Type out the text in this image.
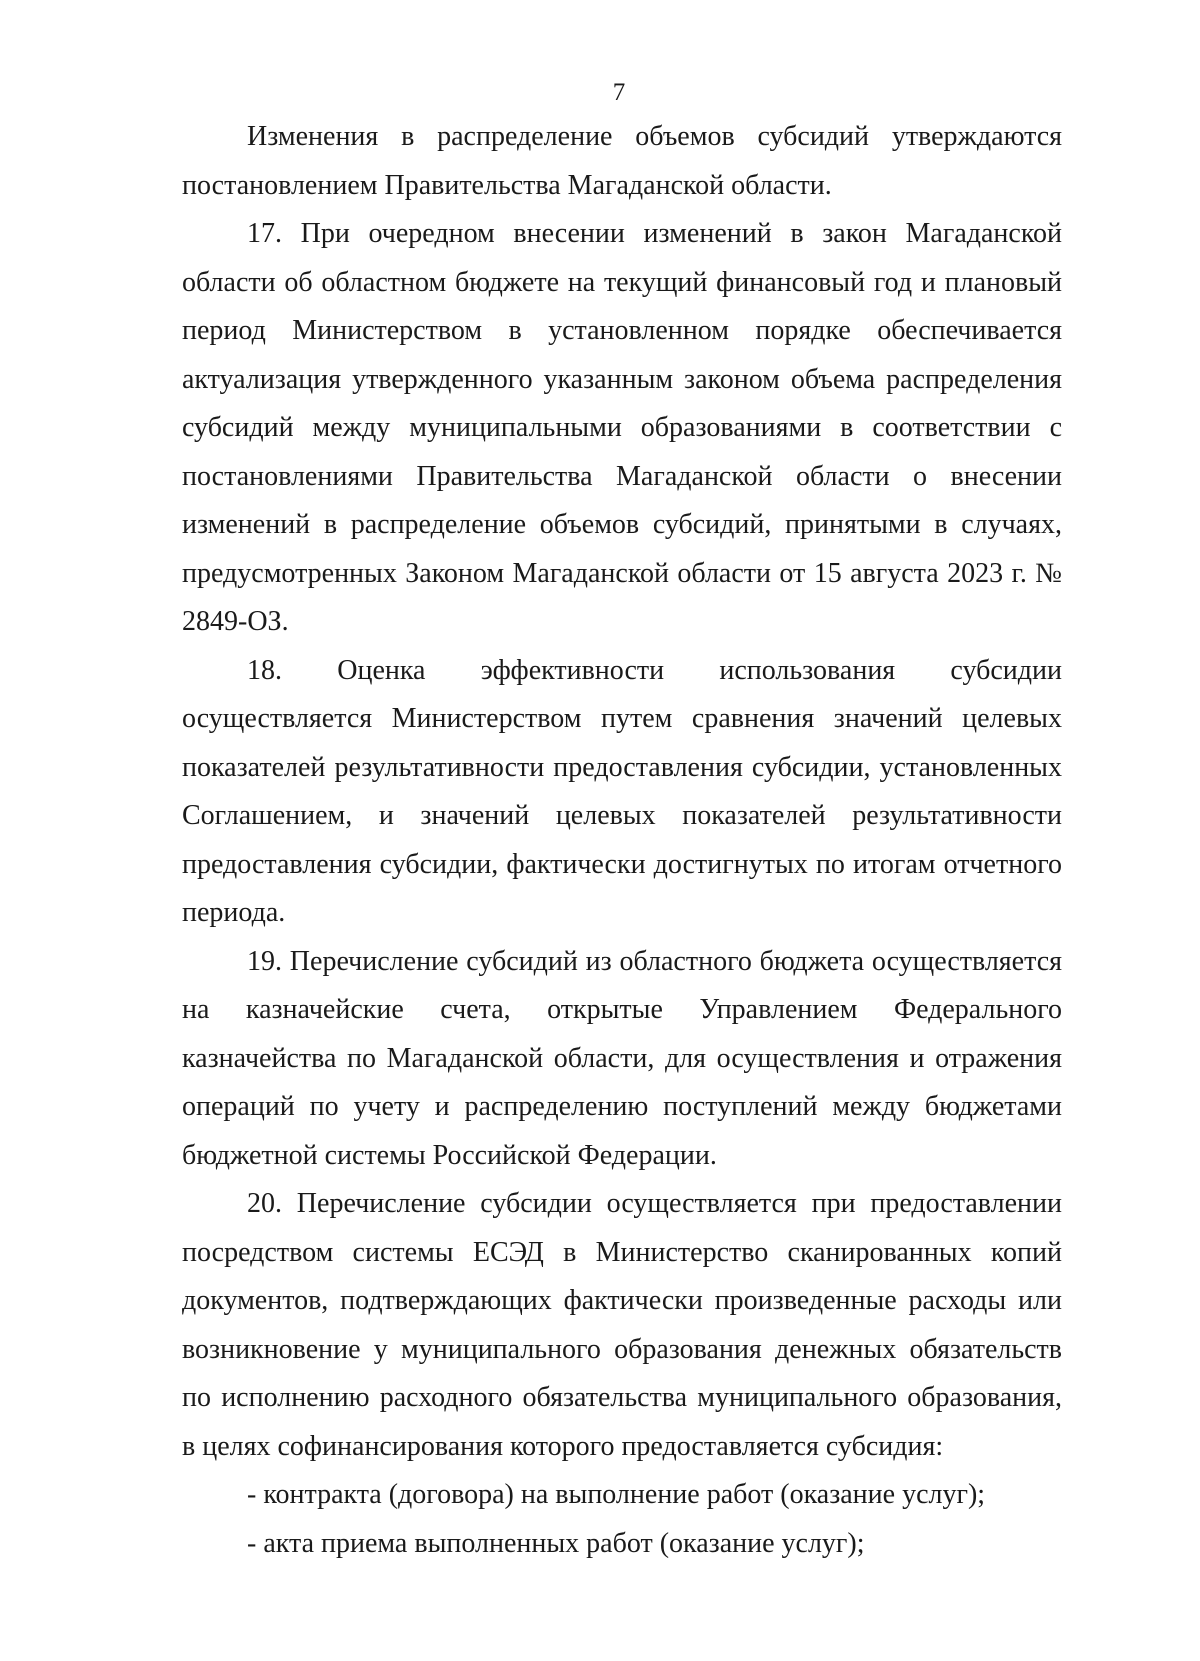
7

Изменения в распределение объемов субсидий утверждаются постановлением Правительства Магаданской области.

17. При очередном внесении изменений в закон Магаданской области об областном бюджете на текущий финансовый год и плановый период Министерством в установленном порядке обеспечивается актуализация утвержденного указанным законом объема распределения субсидий между муниципальными образованиями в соответствии с постановлениями Правительства Магаданской области о внесении изменений в распределение объемов субсидий, принятыми в случаях, предусмотренных Законом Магаданской области от 15 августа 2023 г. № 2849-ОЗ.

18. Оценка эффективности использования субсидии осуществляется Министерством путем сравнения значений целевых показателей результативности предоставления субсидии, установленных Соглашением, и значений целевых показателей результативности предоставления субсидии, фактически достигнутых по итогам отчетного периода.

19. Перечисление субсидий из областного бюджета осуществляется на казначейские счета, открытые Управлением Федерального казначейства по Магаданской области, для осуществления и отражения операций по учету и распределению поступлений между бюджетами бюджетной системы Российской Федерации.

20. Перечисление субсидии осуществляется при предоставлении посредством системы ЕСЭД в Министерство сканированных копий документов, подтверждающих фактически произведенные расходы или возникновение у муниципального образования денежных обязательств по исполнению расходного обязательства муниципального образования, в целях софинансирования которого предоставляется субсидия:

- контракта (договора) на выполнение работ (оказание услуг);

- акта приема выполненных работ (оказание услуг);
